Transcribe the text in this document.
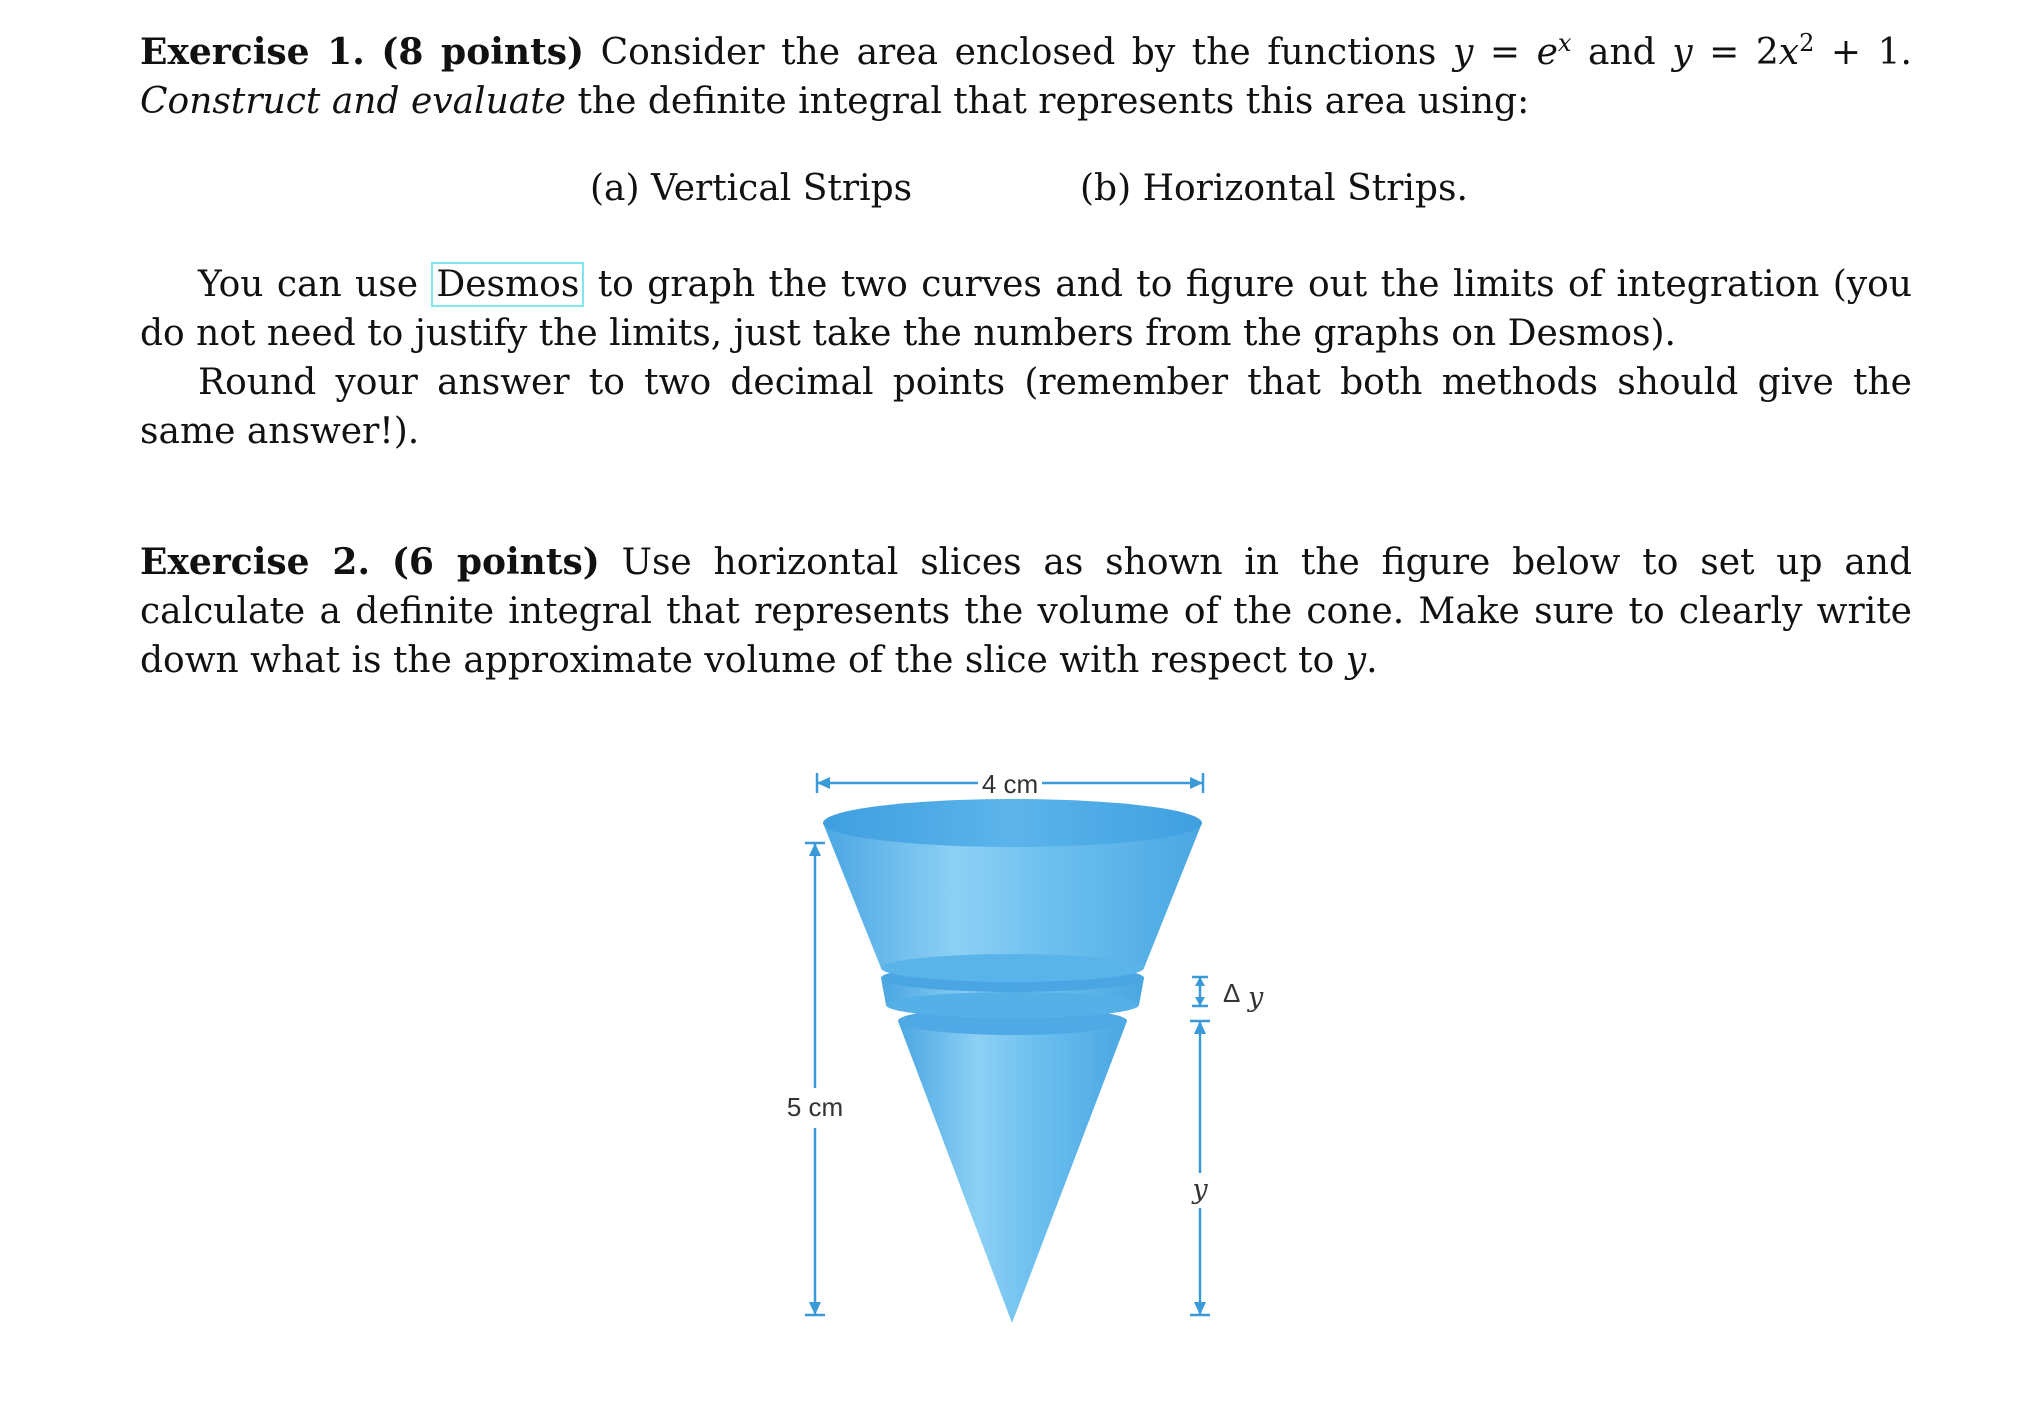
Exercise 1. (8 points) Consider the area enclosed by the functions $y = e^x$ and $y = 2x^2 + 1$. Construct and evaluate the definite integral that represents this area using:

(a) Vertical Strips	(b) Horizontal Strips.

You can use Desmos to graph the two curves and to figure out the limits of integration (you do not need to justify the limits, just take the numbers from the graphs on Desmos).

Round your answer to two decimal points (remember that both methods should give the same answer!).

Exercise 2. (6 points) Use horizontal slices as shown in the figure below to set up and calculate a definite integral that represents the volume of the cone. Make sure to clearly write down what is the approximate volume of the slice with respect to y.

4 cm
5 cm
Δ y
y
